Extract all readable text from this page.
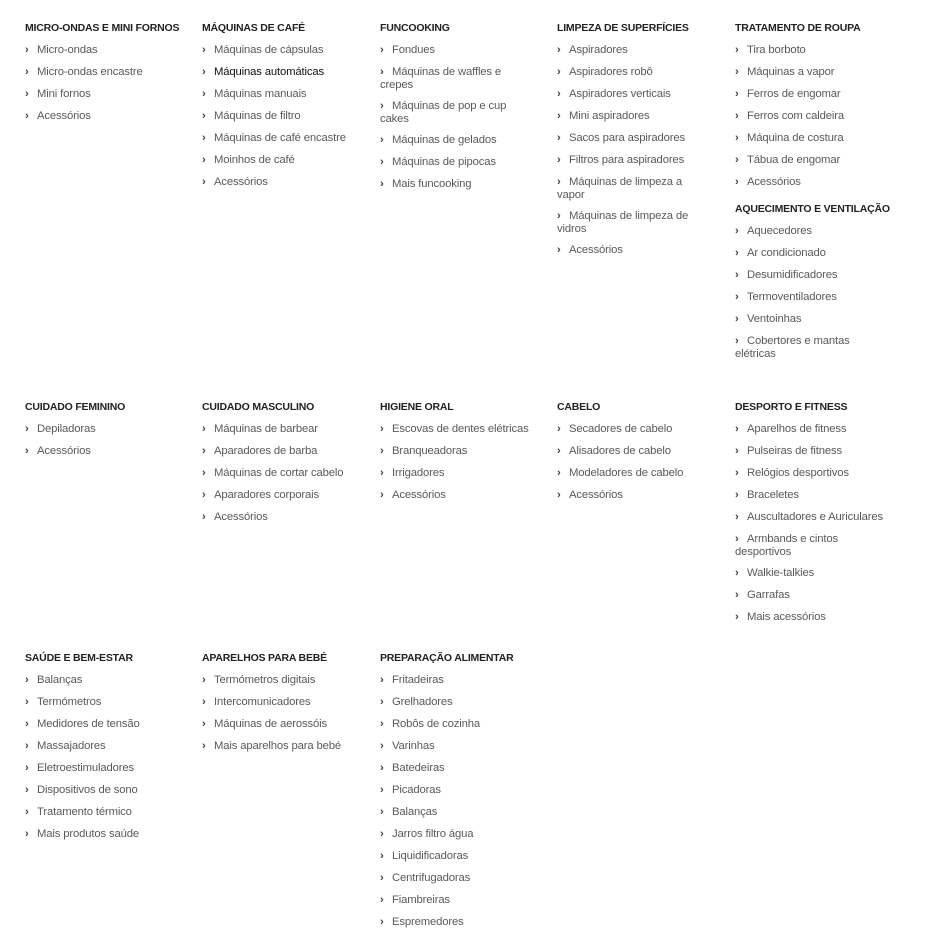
MICRO-ONDAS E MINI FORNOS
› Micro-ondas
› Micro-ondas encastre
› Mini fornos
› Acessórios
MÁQUINAS DE CAFÉ
› Máquinas de cápsulas
› Máquinas automáticas
› Máquinas manuais
› Máquinas de filtro
› Máquinas de café encastre
› Moinhos de café
› Acessórios
FUNCOOKING
› Fondues
› Máquinas de waffles e crepes
› Máquinas de pop e cup cakes
› Máquinas de gelados
› Máquinas de pipocas
› Mais funcooking
LIMPEZA DE SUPERFÍCIES
› Aspiradores
› Aspiradores robô
› Aspiradores verticais
› Mini aspiradores
› Sacos para aspiradores
› Filtros para aspiradores
› Máquinas de limpeza a vapor
› Máquinas de limpeza de vidros
› Acessórios
TRATAMENTO DE ROUPA
› Tira borboto
› Máquinas a vapor
› Ferros de engomar
› Ferros com caldeira
› Máquina de costura
› Tábua de engomar
› Acessórios
AQUECIMENTO E VENTILAÇÃO
› Aquecedores
› Ar condicionado
› Desumidificadores
› Termoventiladores
› Ventoinhas
› Cobertores e mantas elétricas
CUIDADO FEMININO
› Depiladoras
› Acessórios
CUIDADO MASCULINO
› Máquinas de barbear
› Aparadores de barba
› Máquinas de cortar cabelo
› Aparadores corporais
› Acessórios
HIGIENE ORAL
› Escovas de dentes elétricas
› Branqueadoras
› Irrigadores
› Acessórios
CABELO
› Secadores de cabelo
› Alisadores de cabelo
› Modeladores de cabelo
› Acessórios
DESPORTO E FITNESS
› Aparelhos de fitness
› Pulseiras de fitness
› Relógios desportivos
› Braceletes
› Auscultadores e Auriculares
› Armbands e cintos desportivos
› Walkie-talkies
› Garrafas
› Mais acessórios
SAÚDE E BEM-ESTAR
› Balanças
› Termómetros
› Medidores de tensão
› Massajadores
› Eletroestimuladores
› Dispositivos de sono
› Tratamento térmico
› Mais produtos saúde
APARELHOS PARA BEBÉ
› Termómetros digitais
› Intercomunicadores
› Máquinas de aerossóis
› Mais aparelhos para bebé
PREPARAÇÃO ALIMENTAR
› Fritadeiras
› Grelhadores
› Robôs de cozinha
› Varinhas
› Batedeiras
› Picadoras
› Balanças
› Jarros filtro água
› Liquidificadoras
› Centrifugadoras
› Fiambreiras
› Espremedores
